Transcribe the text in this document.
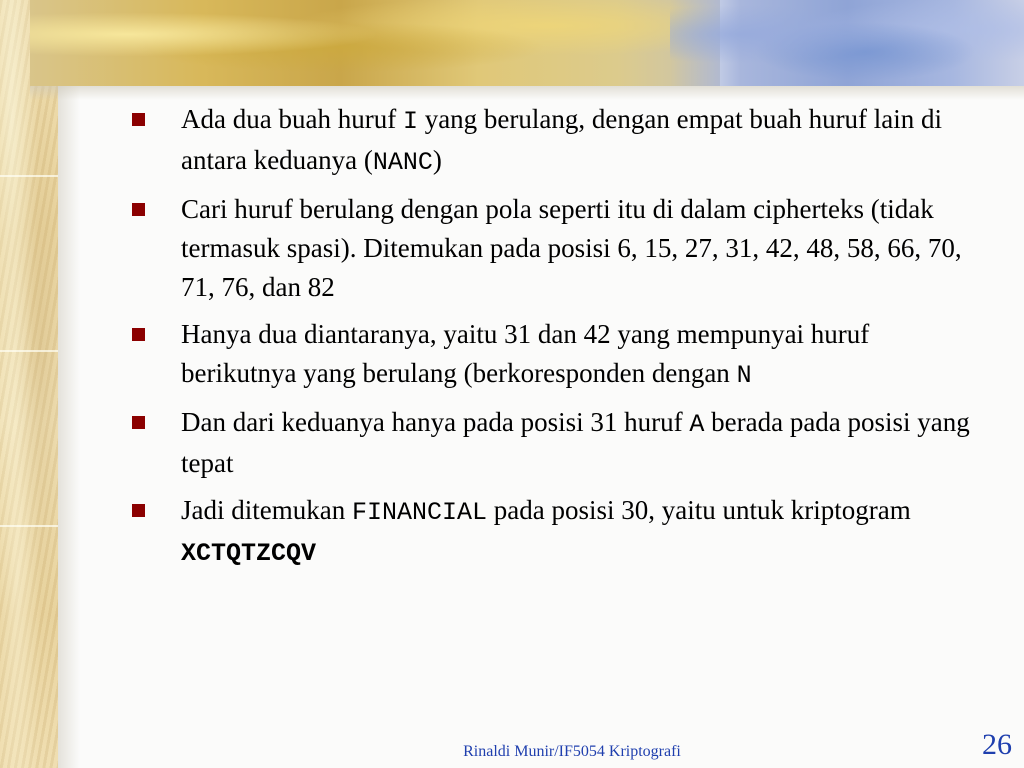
Ada dua buah huruf I yang berulang, dengan empat buah huruf lain di antara keduanya (NANC)
Cari huruf berulang dengan pola seperti itu di dalam cipherteks (tidak termasuk spasi). Ditemukan pada posisi 6, 15, 27, 31, 42, 48, 58, 66, 70, 71, 76, dan 82
Hanya dua diantaranya, yaitu 31 dan 42 yang mempunyai huruf berikutnya yang berulang (berkoresponden dengan N
Dan dari keduanya hanya pada posisi 31 huruf A berada pada posisi yang tepat
Jadi ditemukan FINANCIAL pada posisi 30, yaitu untuk kriptogram XCTQTZCQV
Rinaldi Munir/IF5054 Kriptografi	26
